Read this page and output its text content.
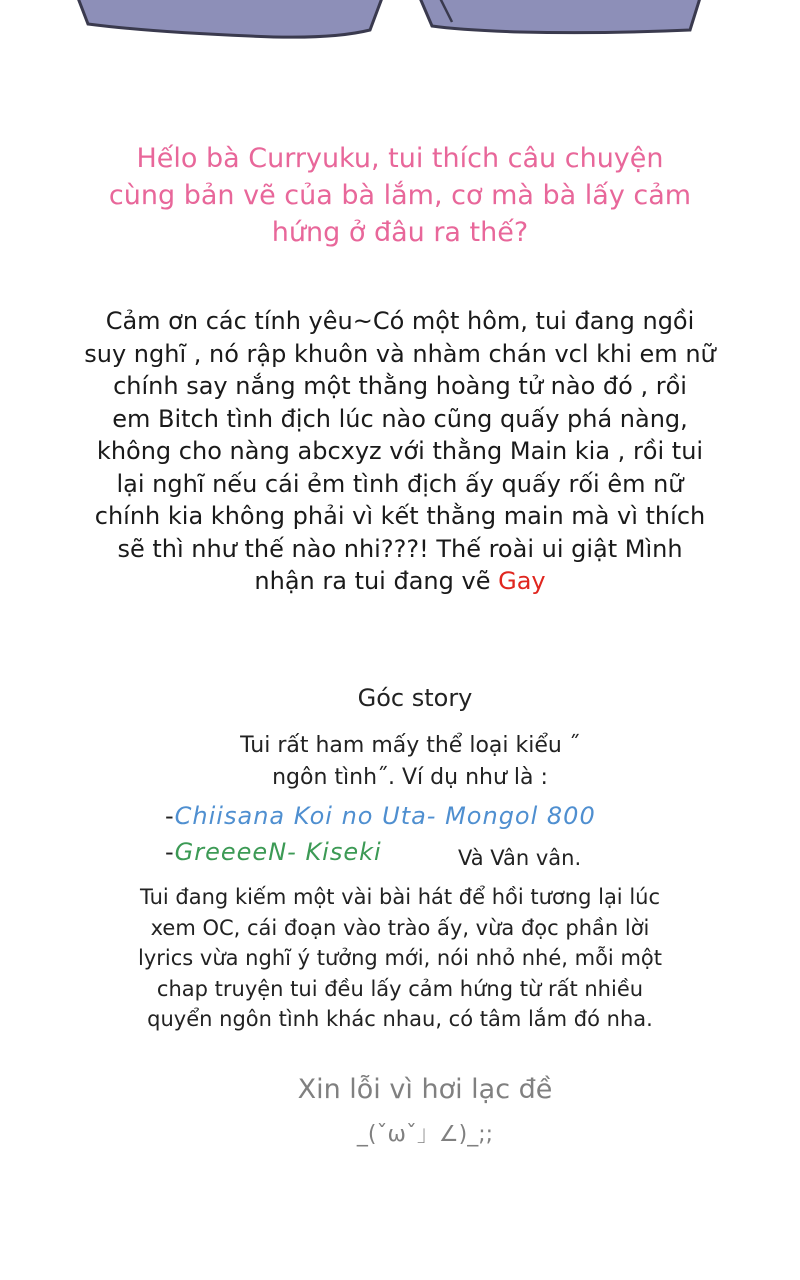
Hếlo bà Curryuku, tui thích câu chuyện
cùng bản vẽ của bà lắm, cơ mà bà lấy cảm
hứng ở đâu ra thế?
Cảm ơn các tính yêu~Có một hôm, tui đang ngồi
suy nghĩ , nó rập khuôn và nhàm chán vcl khi em nữ
chính say nắng một thằng hoàng tử nào đó , rồi
em Bitch tình địch lúc nào cũng quấy phá nàng,
không cho nàng abcxyz với thằng Main kia , rồi tui
lại nghĩ nếu cái ẻm tình địch ấy quấy rối êm nữ
chính kia không phải vì kết thằng main mà vì thích
sẽ thì như thế nào nhi???! Thế roài ui giật Mình
nhận ra tui đang vẽ Gay
Góc story
Tui rất ham mấy thể loại kiểu ˝
ngôn tình˝. Ví dụ như là :
-Chiisana Koi no Uta- Mongol 800
-GreeeeN- Kiseki	Và Vân vân.
Tui đang kiếm một vài bài hát để hồi tương lại lúc
xem OC, cái đoạn vào trào ấy, vừa đọc phần lời
lyrics vừa nghĩ ý tưởng mới, nói nhỏ nhé, mỗi một
chap truyện tui đều lấy cảm hứng từ rất nhiều
quyển ngôn tình khác nhau, có tâm lắm đó nha.
Xin lỗi vì hơi lạc đề
_(ˇωˇ」∠)_;;
